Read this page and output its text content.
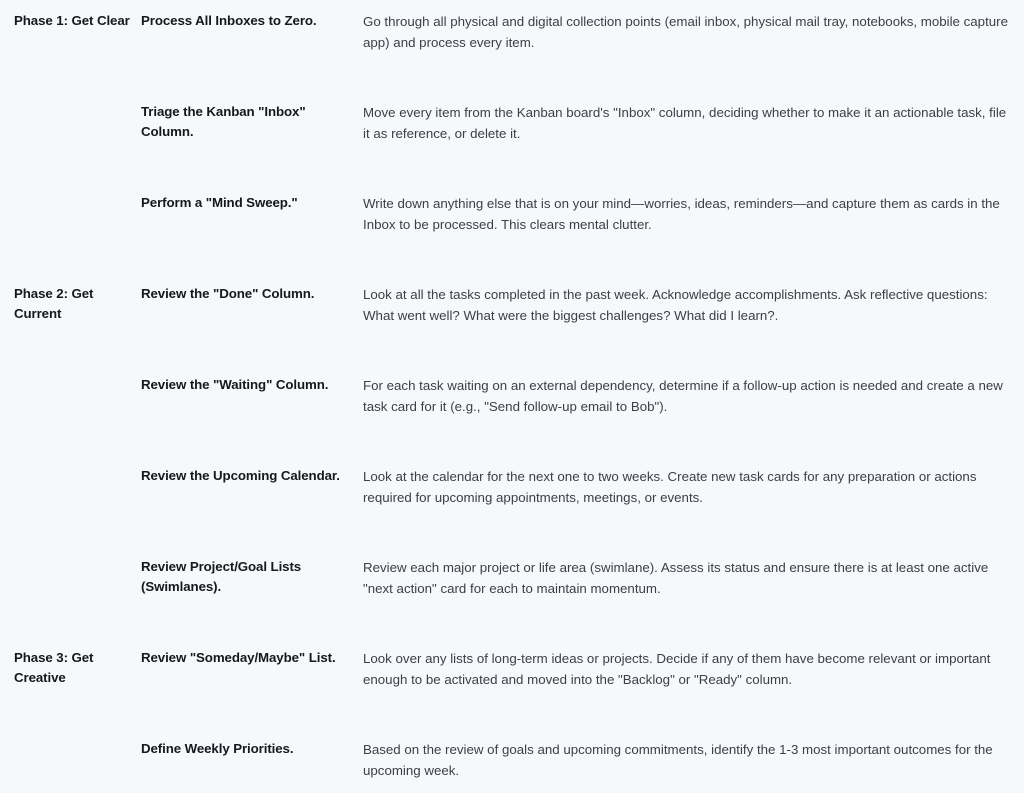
Phase 1: Get Clear	Process All Inboxes to Zero.	Go through all physical and digital collection points (email inbox, physical mail tray, notebooks, mobile capture app) and process every item.

	Triage the Kanban "Inbox" Column.	Move every item from the Kanban board's "Inbox" column, deciding whether to make it an actionable task, file it as reference, or delete it.

	Perform a "Mind Sweep."	Write down anything else that is on your mind—worries, ideas, reminders—and capture them as cards in the Inbox to be processed. This clears mental clutter.

Phase 2: Get Current	Review the "Done" Column.	Look at all the tasks completed in the past week. Acknowledge accomplishments. Ask reflective questions: What went well? What were the biggest challenges? What did I learn?.

	Review the "Waiting" Column.	For each task waiting on an external dependency, determine if a follow-up action is needed and create a new task card for it (e.g., "Send follow-up email to Bob").

	Review the Upcoming Calendar.	Look at the calendar for the next one to two weeks. Create new task cards for any preparation or actions required for upcoming appointments, meetings, or events.

	Review Project/Goal Lists (Swimlanes).	Review each major project or life area (swimlane). Assess its status and ensure there is at least one active "next action" card for each to maintain momentum.

Phase 3: Get Creative	Review "Someday/Maybe" List.	Look over any lists of long-term ideas or projects. Decide if any of them have become relevant or important enough to be activated and moved into the "Backlog" or "Ready" column.

	Define Weekly Priorities.	Based on the review of goals and upcoming commitments, identify the 1-3 most important outcomes for the upcoming week.
